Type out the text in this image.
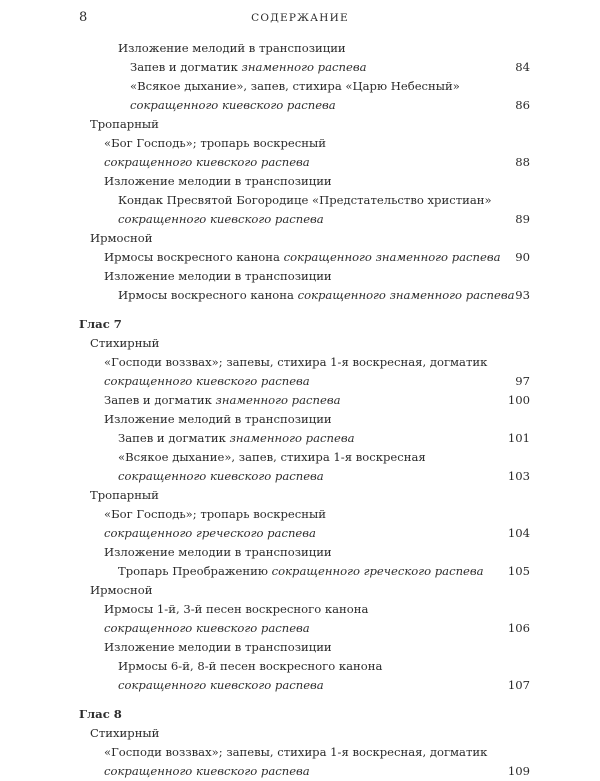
8	СОДЕРЖАНИЕ
Изложение мелодий в транспозиции
Запев и догматик знаменного распева	84
«Всякое дыхание», запев, стихира «Царю Небесный»
сокращенного киевского распева	86
Тропарный
«Бог Господь»; тропарь воскресный
сокращенного киевского распева	88
Изложение мелодии в транспозиции
Кондак Пресвятой Богородице «Предстательство христиан»
сокращенного киевского распева	89
Ирмосной
Ирмосы воскресного канона сокращенного знаменного распева 90
Изложение мелодии в транспозиции
Ирмосы воскресного канона сокращенного знаменного распева 93
Глас 7
Стихирный
«Господи воззвах»; запевы, стихира 1-я воскресная, догматик
сокращенного киевского распева	97
Запев и догматик знаменного распева	100
Изложение мелодий в транспозиции
Запев и догматик знаменного распева	101
«Всякое дыхание», запев, стихира 1-я воскресная
сокращенного киевского распева	103
Тропарный
«Бог Господь»; тропарь воскресный
сокращенного греческого распева	104
Изложение мелодии в транспозиции
Тропарь Преображению сокращенного греческого распева 105
Ирмосной
Ирмосы 1-й, 3-й песен воскресного канона
сокращенного киевского распева	106
Изложение мелодии в транспозиции
Ирмосы 6-й, 8-й песен воскресного канона
сокращенного киевского распева	107
Глас 8
Стихирный
«Господи воззвах»; запевы, стихира 1-я воскресная, догматик
сокращенного киевского распева	109
